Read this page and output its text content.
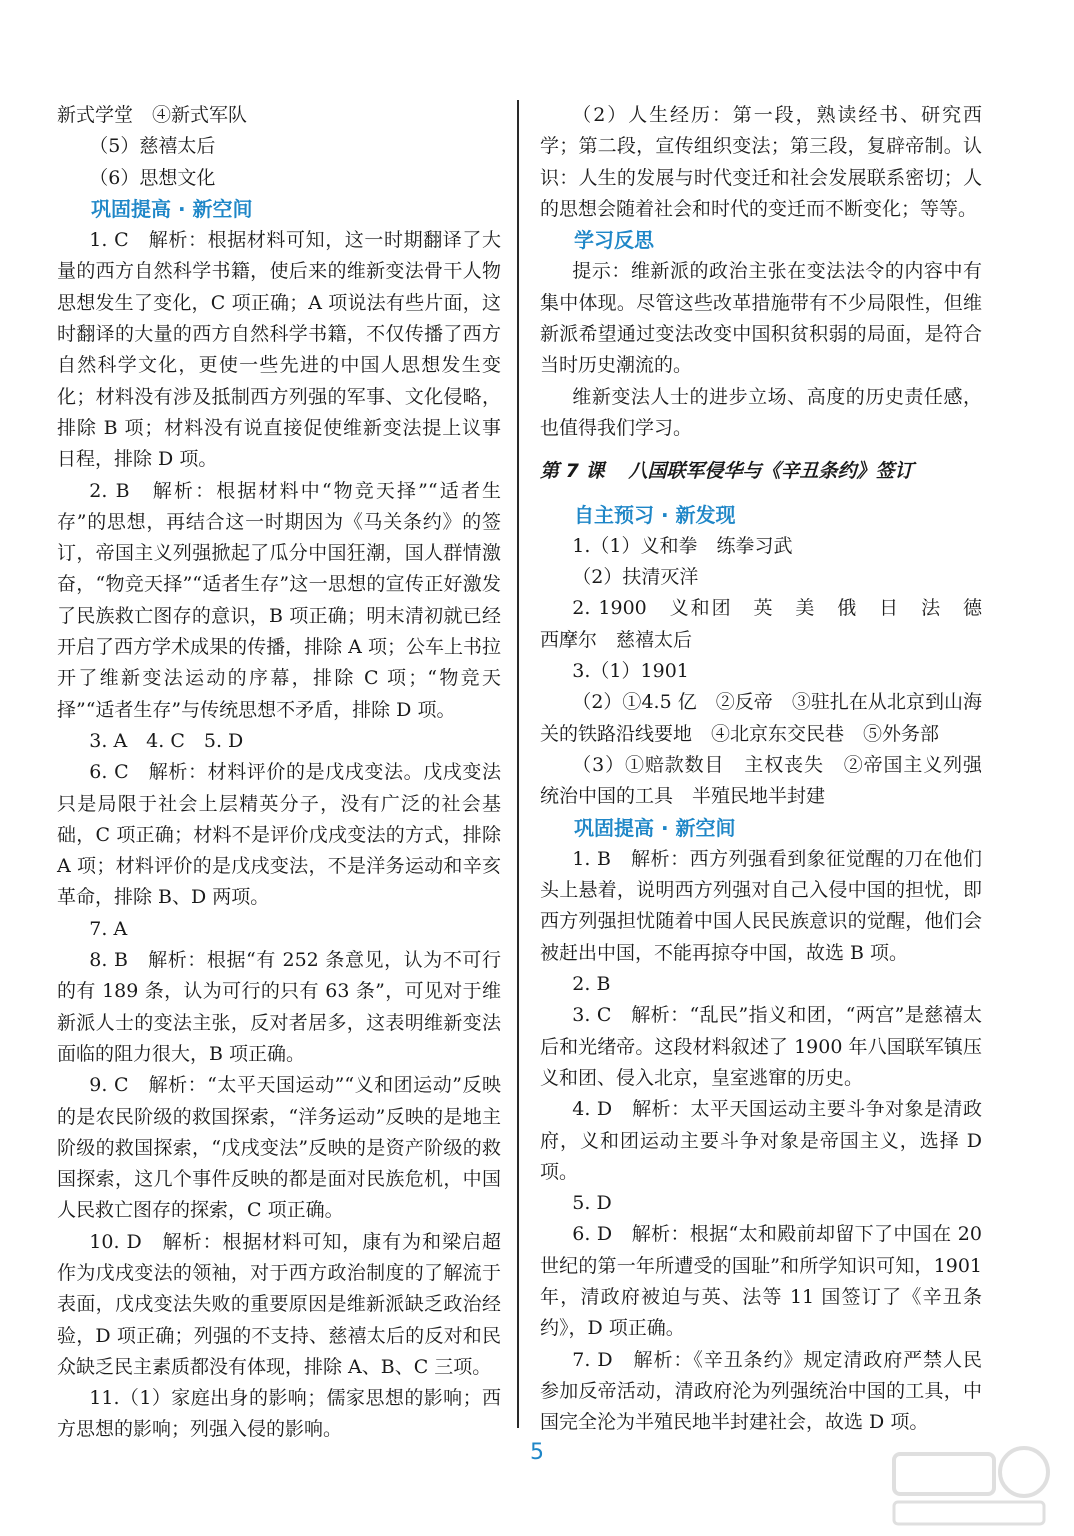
新式学堂　④新式军队

（5）慈禧太后

（6）思想文化

巩固提高 · 新空间

1. C　解析：根据材料可知，这一时期翻译了大量的西方自然科学书籍，使后来的维新变法骨干人物思想发生了变化，C 项正确；A 项说法有些片面，这时翻译的大量的西方自然科学书籍，不仅传播了西方自然科学文化，更使一些先进的中国人思想发生变化；材料没有涉及抵制西方列强的军事、文化侵略，排除 B 项；材料没有说直接促使维新变法提上议事日程，排除 D 项。

2. B　解析：根据材料中“物竞天择”“适者生存”的思想，再结合这一时期因为《马关条约》的签订，帝国主义列强掀起了瓜分中国狂潮，国人群情激奋，“物竞天择”“适者生存”这一思想的宣传正好激发了民族救亡图存的意识，B 项正确；明末清初就已经开启了西方学术成果的传播，排除 A 项；公车上书拉开了维新变法运动的序幕，排除 C 项；“物竞天择”“适者生存”与传统思想不矛盾，排除 D 项。

3. A　4. C　5. D

6. C　解析：材料评价的是戊戌变法。戊戌变法只是局限于社会上层精英分子，没有广泛的社会基础，C 项正确；材料不是评价戊戌变法的方式，排除 A 项；材料评价的是戊戌变法，不是洋务运动和辛亥革命，排除 B、D 两项。

7. A

8. B　解析：根据“有 252 条意见，认为不可行的有 189 条，认为可行的只有 63 条”，可见对于维新派人士的变法主张，反对者居多，这表明维新变法面临的阻力很大，B 项正确。

9. C　解析：“太平天国运动”“义和团运动”反映的是农民阶级的救国探索，“洋务运动”反映的是地主阶级的救国探索，“戊戌变法”反映的是资产阶级的救国探索，这几个事件反映的都是面对民族危机，中国人民救亡图存的探索，C 项正确。

10. D　解析：根据材料可知，康有为和梁启超作为戊戌变法的领袖，对于西方政治制度的了解流于表面，戊戌变法失败的重要原因是维新派缺乏政治经验，D 项正确；列强的不支持、慈禧太后的反对和民众缺乏民主素质都没有体现，排除 A、B、C 三项。

11.（1）家庭出身的影响；儒家思想的影响；西方思想的影响；列强入侵的影响。

（2）人生经历：第一段，熟读经书、研究西学；第二段，宣传组织变法；第三段，复辟帝制。认识：人生的发展与时代变迁和社会发展联系密切；人的思想会随着社会和时代的变迁而不断变化；等等。

学习反思

提示：维新派的政治主张在变法法令的内容中有集中体现。尽管这些改革措施带有不少局限性，但维新派希望通过变法改变中国积贫积弱的局面，是符合当时历史潮流的。

维新变法人士的进步立场、高度的历史责任感，也值得我们学习。

第 7 课 八国联军侵华与《辛丑条约》签订

自主预习 · 新发现

1.（1）义和拳　练拳习武

（2）扶清灭洋

2. 1900　义和团　英　美　俄　日　法　德　西摩尔　慈禧太后

3.（1）1901

（2）①4.5 亿　②反帝　③驻扎在从北京到山海关的铁路沿线要地　④北京东交民巷　⑤外务部

（3）①赔款数目　主权丧失　②帝国主义列强统治中国的工具　半殖民地半封建

巩固提高 · 新空间

1. B　解析：西方列强看到象征觉醒的刀在他们头上悬着，说明西方列强对自己入侵中国的担忧，即西方列强担忧随着中国人民民族意识的觉醒，他们会被赶出中国，不能再掠夺中国，故选 B 项。

2. B

3. C　解析：“乱民”指义和团，“两宫”是慈禧太后和光绪帝。这段材料叙述了 1900 年八国联军镇压义和团、侵入北京，皇室逃窜的历史。

4. D　解析：太平天国运动主要斗争对象是清政府，义和团运动主要斗争对象是帝国主义，选择 D 项。

5. D

6. D　解析：根据“太和殿前却留下了中国在 20 世纪的第一年所遭受的国耻”和所学知识可知，1901 年，清政府被迫与英、法等 11 国签订了《辛丑条约》，D 项正确。

7. D　解析：《辛丑条约》规定清政府严禁人民参加反帝活动，清政府沦为列强统治中国的工具，中国完全沦为半殖民地半封建社会，故选 D 项。

5
